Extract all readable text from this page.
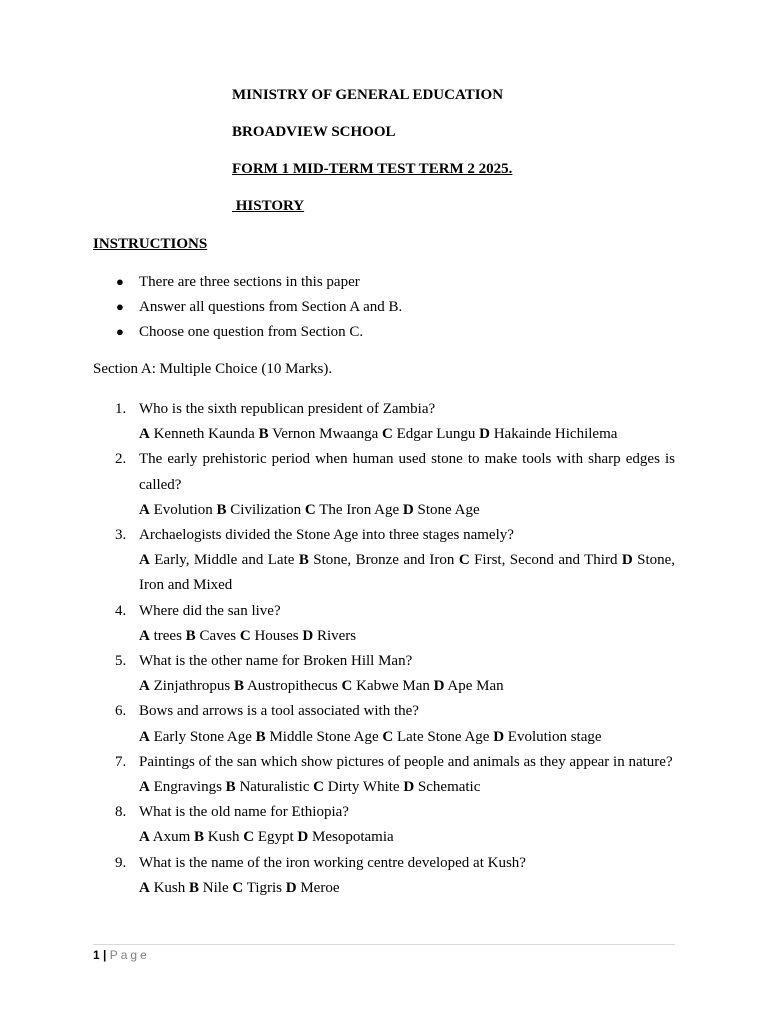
MINISTRY OF GENERAL EDUCATION
BROADVIEW SCHOOL
FORM 1 MID-TERM TEST TERM 2 2025.
HISTORY
INSTRUCTIONS
● There are three sections in this paper
● Answer all questions from Section A and B.
● Choose one question from Section C.
Section A: Multiple Choice (10 Marks).
1. Who is the sixth republican president of Zambia?
A Kenneth Kaunda B Vernon Mwaanga C Edgar Lungu D Hakainde Hichilema
2. The early prehistoric period when human used stone to make tools with sharp edges is called?
A Evolution B Civilization C The Iron Age D Stone Age
3. Archaelogists divided the Stone Age into three stages namely?
A Early, Middle and Late B Stone, Bronze and Iron C First, Second and Third D Stone, Iron and Mixed
4. Where did the san live?
A trees B Caves C Houses D Rivers
5. What is the other name for Broken Hill Man?
A Zinjathropus B Austropithecus C Kabwe Man D Ape Man
6. Bows and arrows is a tool associated with the?
A Early Stone Age B Middle Stone Age C Late Stone Age D Evolution stage
7. Paintings of the san which show pictures of people and animals as they appear in nature?
A Engravings B Naturalistic C Dirty White D Schematic
8. What is the old name for Ethiopia?
A Axum B Kush C Egypt D Mesopotamia
9. What is the name of the iron working centre developed at Kush?
A Kush B Nile C Tigris D Meroe
1 | Page
